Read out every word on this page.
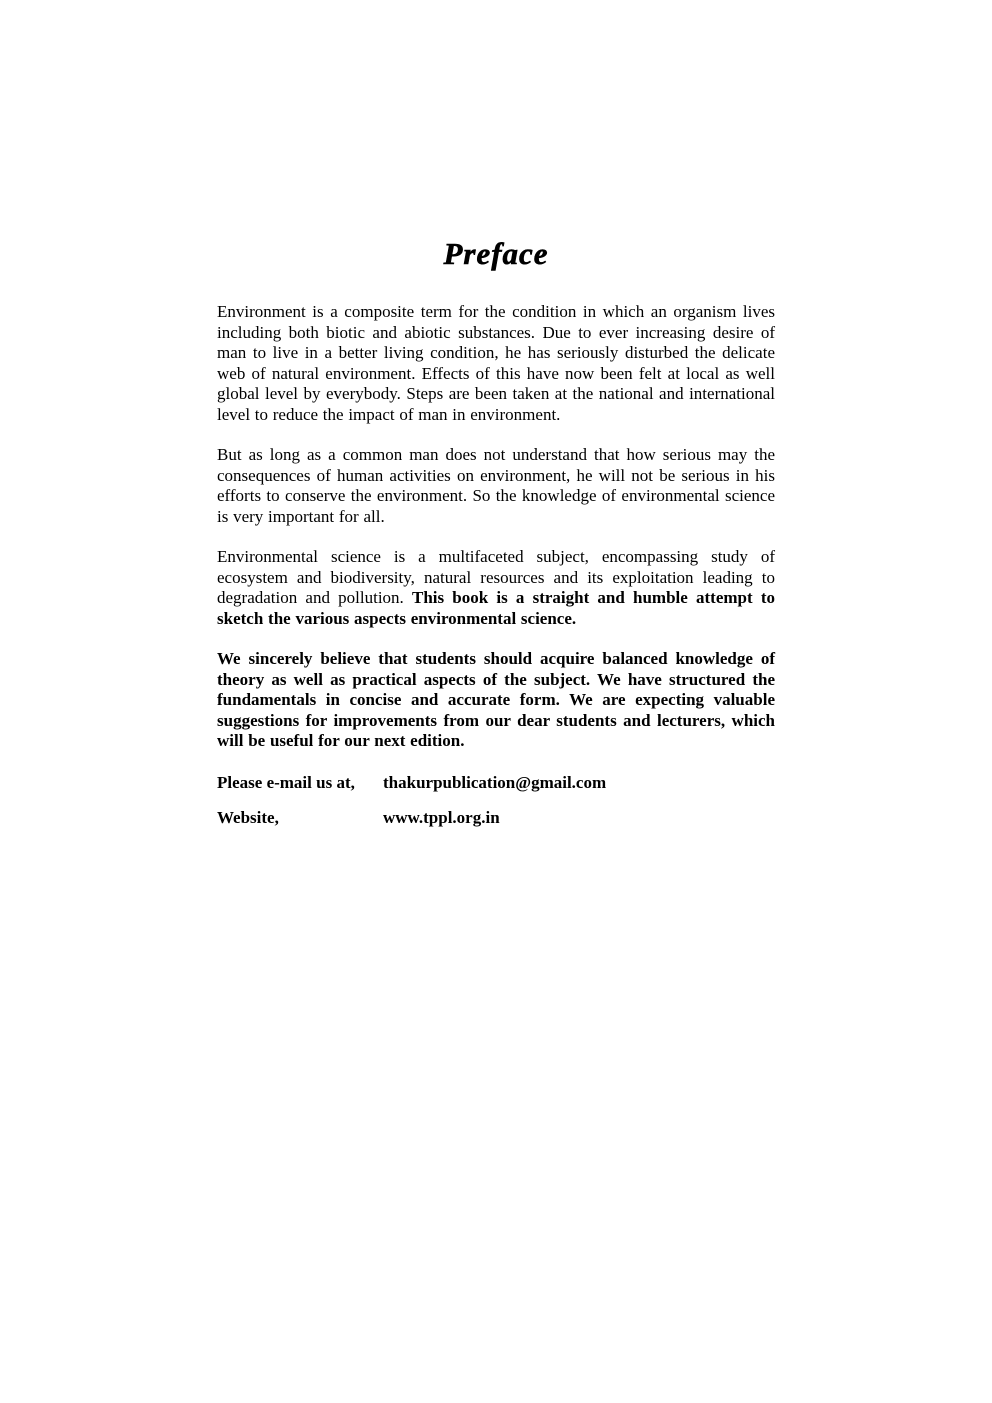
Preface

Environment is a composite term for the condition in which an organism lives including both biotic and abiotic substances. Due to ever increasing desire of man to live in a better living condition, he has seriously disturbed the delicate web of natural environment. Effects of this have now been felt at local as well global level by everybody. Steps are been taken at the national and international level to reduce the impact of man in environment.

But as long as a common man does not understand that how serious may the consequences of human activities on environment, he will not be serious in his efforts to conserve the environment. So the knowledge of environmental science is very important for all.

Environmental science is a multifaceted subject, encompassing study of ecosystem and biodiversity, natural resources and its exploitation leading to degradation and pollution. This book is a straight and humble attempt to sketch the various aspects environmental science.

We sincerely believe that students should acquire balanced knowledge of theory as well as practical aspects of the subject. We have structured the fundamentals in concise and accurate form. We are expecting valuable suggestions for improvements from our dear students and lecturers, which will be useful for our next edition.

Please e-mail us at,	thakurpublication@gmail.com
Website,	www.tppl.org.in
